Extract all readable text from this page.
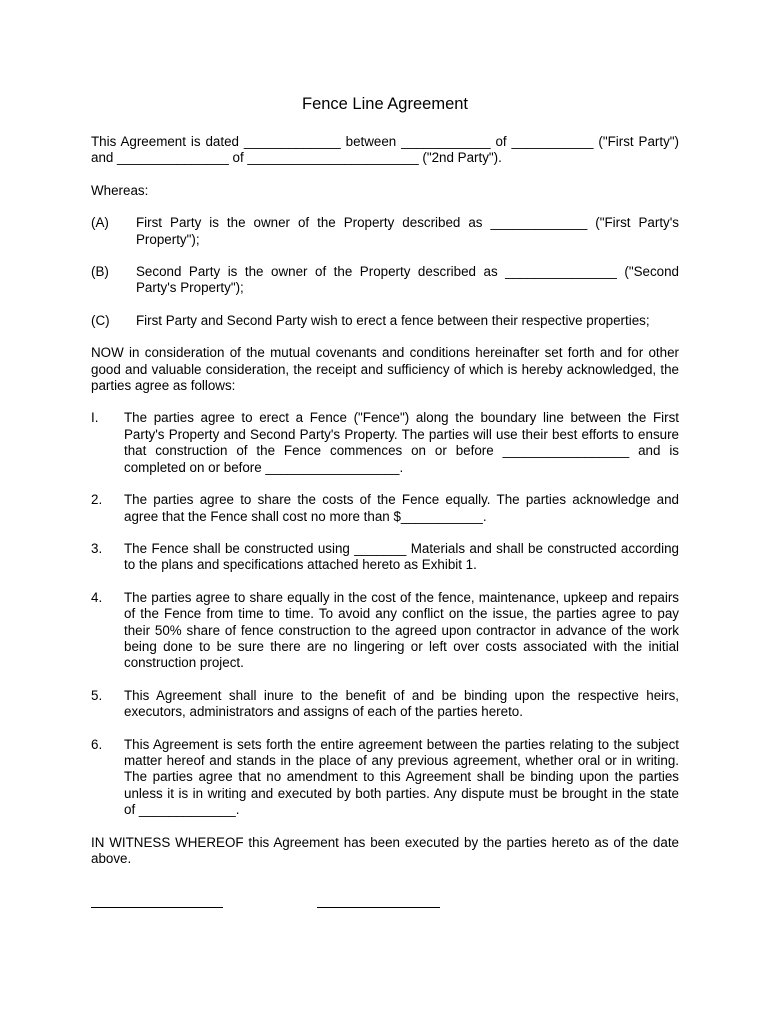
Fence Line Agreement

This Agreement is dated _____________ between ____________ of ___________ ("First Party") and _______________ of _______________________ ("2nd Party").

Whereas:

(A)	First Party is the owner of the Property described as _____________ ("First Party's Property");
(B)	Second Party is the owner of the Property described as _______________ ("Second Party's Property");
(C)	First Party and Second Party wish to erect a fence between their respective properties;

NOW in consideration of the mutual covenants and conditions hereinafter set forth and for other good and valuable consideration, the receipt and sufficiency of which is hereby acknowledged, the parties agree as follows:

I.	The parties agree to erect a Fence ("Fence") along the boundary line between the First Party's Property and Second Party's Property. The parties will use their best efforts to ensure that construction of the Fence commences on or before _________________ and is completed on or before __________________.
2.	The parties agree to share the costs of the Fence equally. The parties acknowledge and agree that the Fence shall cost no more than $___________.
3.	The Fence shall be constructed using _______ Materials and shall be constructed according to the plans and specifications attached hereto as Exhibit 1.
4.	The parties agree to share equally in the cost of the fence, maintenance, upkeep and repairs of the Fence from time to time. To avoid any conflict on the issue, the parties agree to pay their 50% share of fence construction to the agreed upon contractor in advance of the work being done to be sure there are no lingering or left over costs associated with the initial construction project.
5.	This Agreement shall inure to the benefit of and be binding upon the respective heirs, executors, administrators and assigns of each of the parties hereto.
6.	This Agreement is sets forth the entire agreement between the parties relating to the subject matter hereof and stands in the place of any previous agreement, whether oral or in writing. The parties agree that no amendment to this Agreement shall be binding upon the parties unless it is in writing and executed by both parties. Any dispute must be brought in the state of _____________.

IN WITNESS WHEREOF this Agreement has been executed by the parties hereto as of the date above.
